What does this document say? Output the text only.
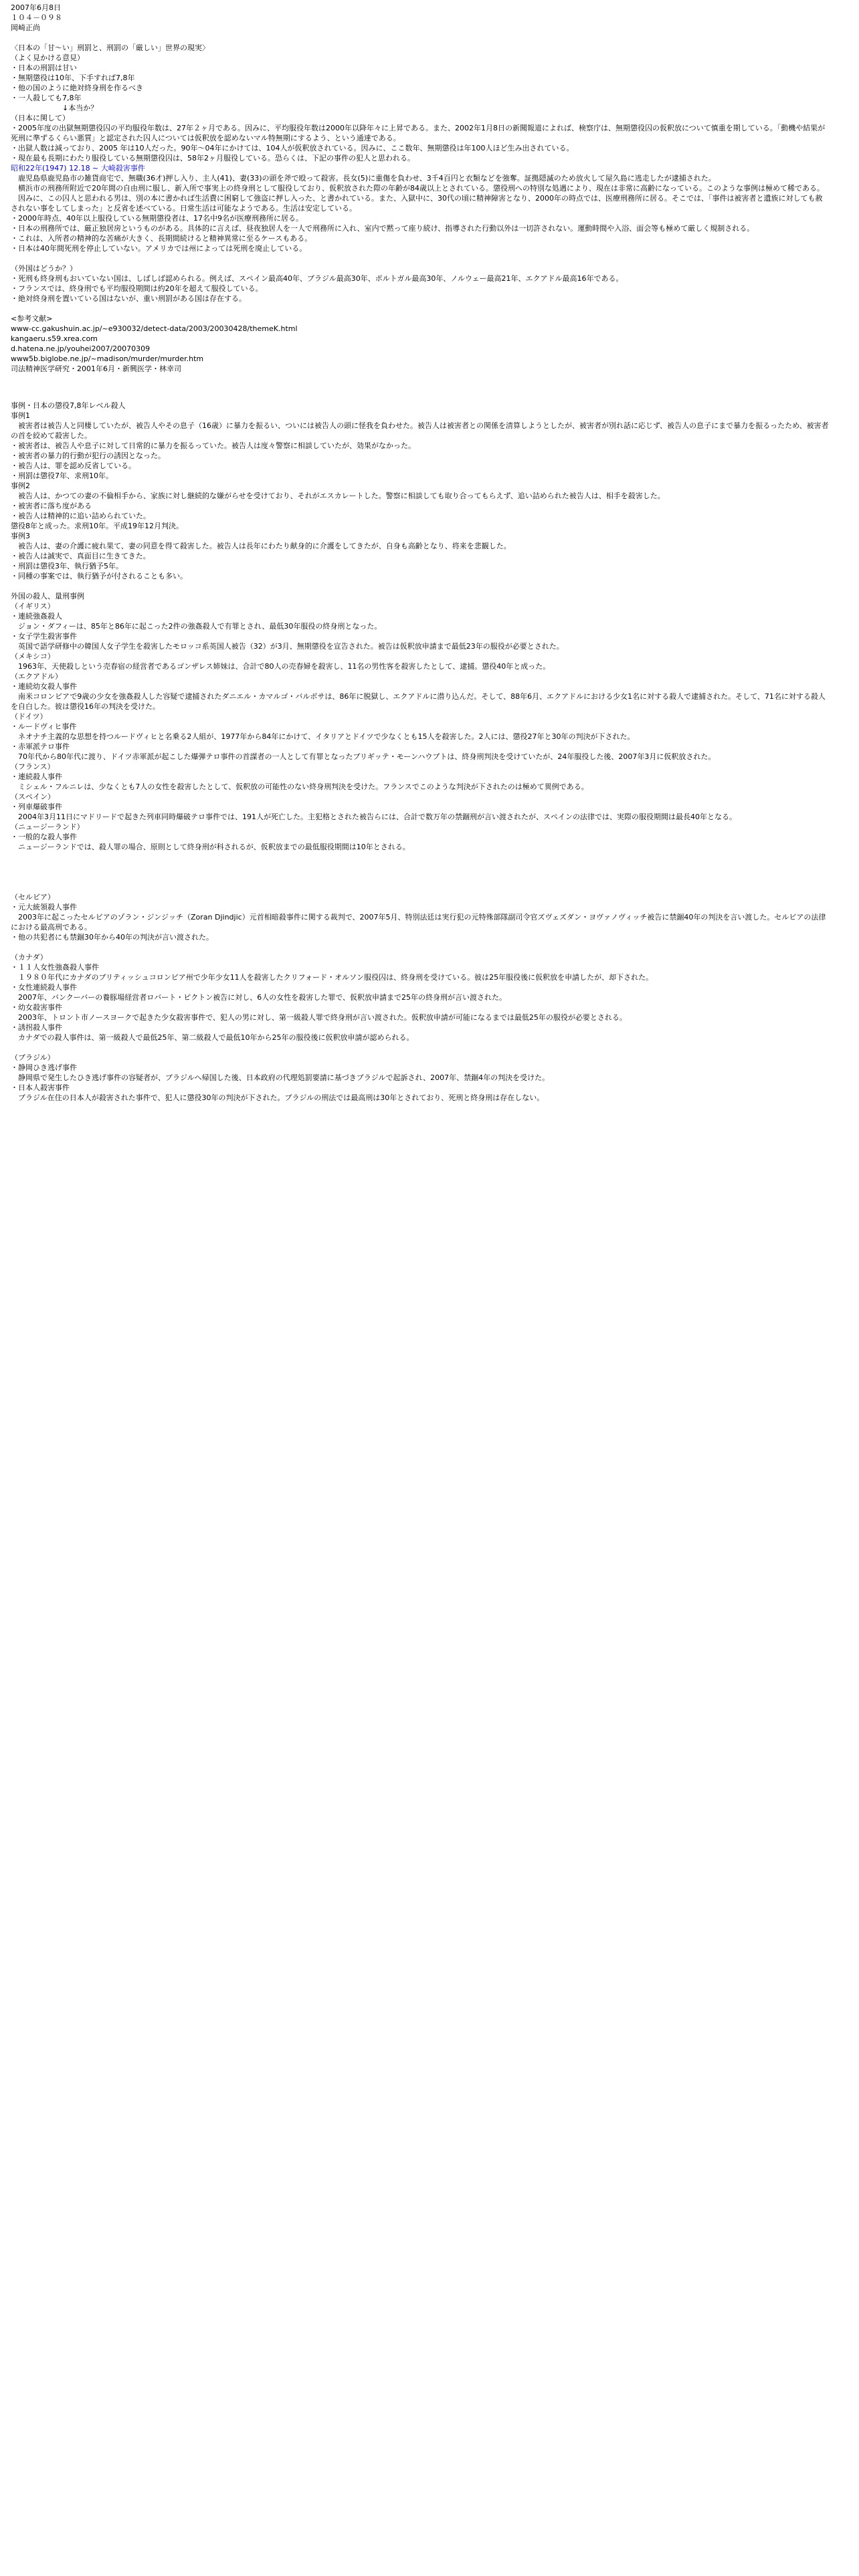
2007年6月8日
１０４－０９８
岡崎正尚
〈日本の「甘～い」刑罰と、刑罰の「厳しい」世界の現実〉
（よく見かける意見）
・日本の刑罰は甘い
・無期懲役は10年、下手すれば7,8年
・他の国のように絶対終身刑を作るべき
・一人殺しても7,8年
　　　　　　　↓本当か？
（日本に関して）
・2005年度の出獄無期懲役囚の平均服役年数は、27年２ヶ月である。因みに、平均服役年数は2000年以降年々に上昇である。また、2002年1月8日の新聞報道によれば、検察庁は、無期懲役囚の仮釈放について慎重を期している。「動機や結果が死刑に準ずるくらい悪質」と認定された囚人については仮釈放を認めないマル特無期にするよう、という通達である。
・出獄人数は減っており、2005 年は10人だった。90年～04年にかけては、104人が仮釈放されている。因みに、ここ数年、無期懲役は年100人ほど生み出されている。
・現在最も長期にわたり服役している無期懲役囚は、58年2ヶ月服役している。恐らくは、下記の事件の犯人と思われる。
昭和22年(1947) 12.18 ~ 大崎殺害事件
　鹿児島県鹿児島市の雑貨商宅で、無職(36才)押し入り、主人(41)、妻(33)の頭を斧で殴って殺害。長女(5)に重傷を負わせ、3千4百円と衣類などを強奪。証拠隠滅のため放火して屋久島に逃走したが逮捕された。
　横浜市の刑務所附近で20年間の自由刑に服し、新入所で事実上の終身刑として服役しており、仮釈放された際の年齢が84歳以上とされている。懲役刑への特別な処遇により、現在は非常に高齢になっている。このような事例は極めて稀である。
　因みに、この囚人と思われる男は、別の本に書かれば生活費に困窮して強盗に押し入った、と書かれている。また、入獄中に、30代の頃に精神障害となり、2000年の時点では、医療刑務所に居る。そこでは、「事件は被害者と遺族に対しても赦されない事をしてしまった」と反省を述べている。日常生活は可能なようである。生活は安定している。
・2000年時点、40年以上服役している無期懲役者は、17名中9名が医療刑務所に居る。
・日本の刑務所では、厳正独居房というものがある。具体的に言えば、昼夜独居人を一人で刑務所に入れ、室内で黙って座り続け、指導された行動以外は一切許されない。運動時間や入浴、面会等も極めて厳しく規制される。
・これは、入所者の精神的な苦痛が大きく、長期間続けると精神異常に至るケースもある。
・日本は40年間死刑を停止していない。アメリカでは州によっては死刑を廃止している。
（外国はどうか？）
・死刑も終身刑もおいていない国は、しばしば認められる。例えば、スペイン最高40年、ブラジル最高30年、ポルトガル最高30年、ノルウェー最高21年、エクアドル最高16年である。
・フランスでは、終身刑でも平均服役期間は約20年を超えて服役している。
・絶対終身刑を置いている国はないが、重い刑罰がある国は存在する。
<参考文献>
www-cc.gakushuin.ac.jp/~e930032/detect-data/2003/20030428/themeK.html
kangaeru.s59.xrea.com
d.hatena.ne.jp/youhei2007/20070309
www5b.biglobe.ne.jp/~madison/murder/murder.htm
司法精神医学研究・2001年6月・新興医学・林幸司
事例・日本の懲役7,8年レベル殺人
事例1
　被害者は被告人と同棲していたが、被告人やその息子（16歳）に暴力を振るい、ついには被告人の頭に怪我を負わせた。被告人は被害者との関係を清算しようとしたが、被害者が別れ話に応じず、被告人の息子にまで暴力を振るったため、被害者の首を絞めて殺害した。
・被害者は、被告人や息子に対して日常的に暴力を振るっていた。被告人は度々警察に相談していたが、効果がなかった。
・被害者の暴力的行動が犯行の誘因となった。
・被告人は、罪を認め反省している。
・刑罰は懲役7年、求刑10年。
事例2
　被告人は、かつての妻の不倫相手から、家族に対し継続的な嫌がらせを受けており、それがエスカレートした。警察に相談しても取り合ってもらえず、追い詰められた被告人は、相手を殺害した。
・被害者に落ち度がある
・被告人は精神的に追い詰められていた。
懲役8年と成った。求刑10年。平成19年12月判決。
事例3
　被告人は、妻の介護に疲れ果て、妻の同意を得て殺害した。被告人は長年にわたり献身的に介護をしてきたが、自身も高齢となり、将来を悲観した。
・被告人は誠実で、真面目に生きてきた。
・刑罰は懲役3年、執行猶予5年。
・同種の事案では、執行猶予が付されることも多い。
外国の殺人、量刑事例
（イギリス）
・連続強姦殺人
　ジョン・ダフィーは、85年と86年に起こった2件の強姦殺人で有罪とされ、最低30年服役の終身刑となった。
・女子学生殺害事件
　英国で語学研修中の韓国人女子学生を殺害したモロッコ系英国人被告（32）が3月、無期懲役を宣告された。被告は仮釈放申請まで最低23年の服役が必要とされた。
（メキシコ）
　1963年、天使殺しという売春宿の経営者であるゴンザレス姉妹は、合計で80人の売春婦を殺害し、11名の男性客を殺害したとして、逮捕。懲役40年と成った。
（エクアドル）
・連続幼女殺人事件
　南米コロンビアで9歳の少女を強姦殺人した容疑で逮捕されたダニエル・カマルゴ・バルボサは、86年に脱獄し、エクアドルに潜り込んだ。そして、88年6月、エクアドルにおける少女1名に対する殺人で逮捕された。そして、71名に対する殺人を自白した。彼は懲役16年の判決を受けた。
（ドイツ）
・ルードヴィヒ事件
　ネオナチ主義的な思想を持つルードヴィヒと名乗る2人組が、1977年から84年にかけて、イタリアとドイツで少なくとも15人を殺害した。2人には、懲役27年と30年の判決が下された。
・赤軍派テロ事件
　70年代から80年代に渡り、ドイツ赤軍派が起こした爆弾テロ事件の首謀者の一人として有罪となったブリギッテ・モーンハウプトは、終身刑判決を受けていたが、24年服役した後、2007年3月に仮釈放された。
（フランス）
・連続殺人事件
　ミシェル・フルニレは、少なくとも7人の女性を殺害したとして、仮釈放の可能性のない終身刑判決を受けた。フランスでこのような判決が下されたのは極めて異例である。
（スペイン）
・列車爆破事件
　2004年3月11日にマドリードで起きた列車同時爆破テロ事件では、191人が死亡した。主犯格とされた被告らには、合計で数万年の禁錮刑が言い渡されたが、スペインの法律では、実際の服役期間は最長40年となる。
（ニュージーランド）
・一般的な殺人事件
　ニュージーランドでは、殺人罪の場合、原則として終身刑が科されるが、仮釈放までの最低服役期間は10年とされる。
（セルビア）
・元大統領殺人事件
　2003年に起こったセルビアのゾラン・ジンジッチ（Zoran Djindjic）元首相暗殺事件に関する裁判で、2007年5月、特別法廷は実行犯の元特殊部隊副司令官ズヴェズダン・ヨヴァノヴィッチ被告に禁錮40年の判決を言い渡した。セルビアの法律における最高刑である。
・他の共犯者にも禁錮30年から40年の判決が言い渡された。
（カナダ）
・１１人女性強姦殺人事件
　１９８０年代にカナダのブリティッシュコロンビア州で少年少女11人を殺害したクリフォード・オルソン服役囚は、終身刑を受けている。彼は25年服役後に仮釈放を申請したが、却下された。
・女性連続殺人事件
　2007年、バンクーバーの養豚場経営者ロバート・ピクトン被告に対し、6人の女性を殺害した罪で、仮釈放申請まで25年の終身刑が言い渡された。
・幼女殺害事件
　2003年、トロント市ノースヨークで起きた少女殺害事件で、犯人の男に対し、第一級殺人罪で終身刑が言い渡された。仮釈放申請が可能になるまでは最低25年の服役が必要とされる。
・誘拐殺人事件
　カナダでの殺人事件は、第一級殺人で最低25年、第二級殺人で最低10年から25年の服役後に仮釈放申請が認められる。
（ブラジル）
・静岡ひき逃げ事件
　静岡県で発生したひき逃げ事件の容疑者が、ブラジルへ帰国した後、日本政府の代理処罰要請に基づきブラジルで起訴され、2007年、禁錮4年の判決を受けた。
・日本人殺害事件
　ブラジル在住の日本人が殺害された事件で、犯人に懲役30年の判決が下された。ブラジルの刑法では最高刑は30年とされており、死刑と終身刑は存在しない。
